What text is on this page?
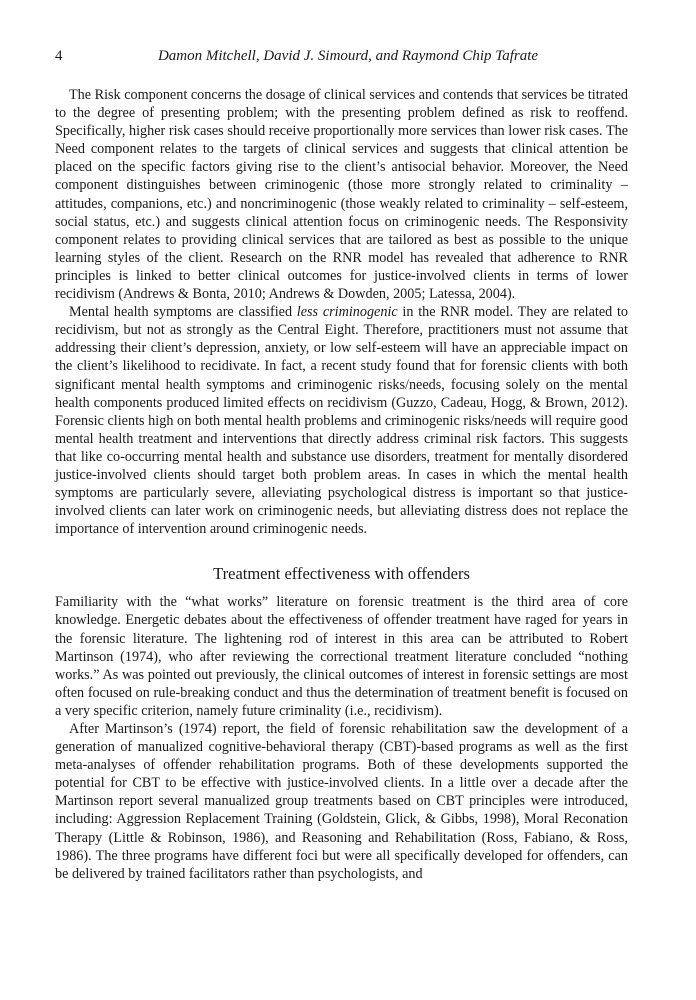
4	Damon Mitchell, David J. Simourd, and Raymond Chip Tafrate

The Risk component concerns the dosage of clinical services and contends that services be titrated to the degree of presenting problem; with the presenting problem defined as risk to reoffend. Specifically, higher risk cases should receive proportionally more services than lower risk cases. The Need component relates to the targets of clinical services and suggests that clinical attention be placed on the specific factors giving rise to the client’s antisocial behavior. Moreover, the Need component distinguishes between criminogenic (those more strongly related to criminality – attitudes, companions, etc.) and noncriminogenic (those weakly related to criminality – self-esteem, social status, etc.) and suggests clinical attention focus on criminogenic needs. The Responsivity component relates to providing clinical services that are tailored as best as possible to the unique learning styles of the client. Research on the RNR model has revealed that adherence to RNR principles is linked to better clinical outcomes for justice-involved clients in terms of lower recidivism (Andrews & Bonta, 2010; Andrews & Dowden, 2005; Latessa, 2004).

Mental health symptoms are classified less criminogenic in the RNR model. They are related to recidivism, but not as strongly as the Central Eight. Therefore, practitioners must not assume that addressing their client’s depression, anxiety, or low self-esteem will have an appreciable impact on the client’s likelihood to recidivate. In fact, a recent study found that for forensic clients with both significant mental health symptoms and criminogenic risks/needs, focusing solely on the mental health components produced limited effects on recidivism (Guzzo, Cadeau, Hogg, & Brown, 2012). Forensic clients high on both mental health problems and criminogenic risks/needs will require good mental health treatment and interventions that directly address criminal risk factors. This suggests that like co-occurring mental health and substance use disorders, treatment for mentally disordered justice-involved clients should target both problem areas. In cases in which the mental health symptoms are particularly severe, alleviating psychological distress is important so that justice-involved clients can later work on criminogenic needs, but alleviating distress does not replace the importance of intervention around criminogenic needs.

Treatment effectiveness with offenders

Familiarity with the “what works” literature on forensic treatment is the third area of core knowledge. Energetic debates about the effectiveness of offender treatment have raged for years in the forensic literature. The lightening rod of interest in this area can be attributed to Robert Martinson (1974), who after reviewing the correctional treatment literature concluded “nothing works.” As was pointed out previously, the clinical outcomes of interest in forensic settings are most often focused on rule-breaking conduct and thus the determination of treatment benefit is focused on a very specific criterion, namely future criminality (i.e., recidivism).

After Martinson’s (1974) report, the field of forensic rehabilitation saw the development of a generation of manualized cognitive-behavioral therapy (CBT)-based programs as well as the first meta-analyses of offender rehabilitation programs. Both of these developments supported the potential for CBT to be effective with justice-involved clients. In a little over a decade after the Martinson report several manualized group treatments based on CBT principles were introduced, including: Aggression Replacement Training (Goldstein, Glick, & Gibbs, 1998), Moral Reconation Therapy (Little & Robinson, 1986), and Reasoning and Rehabilitation (Ross, Fabiano, & Ross, 1986). The three programs have different foci but were all specifically developed for offenders, can be delivered by trained facilitators rather than psychologists, and
